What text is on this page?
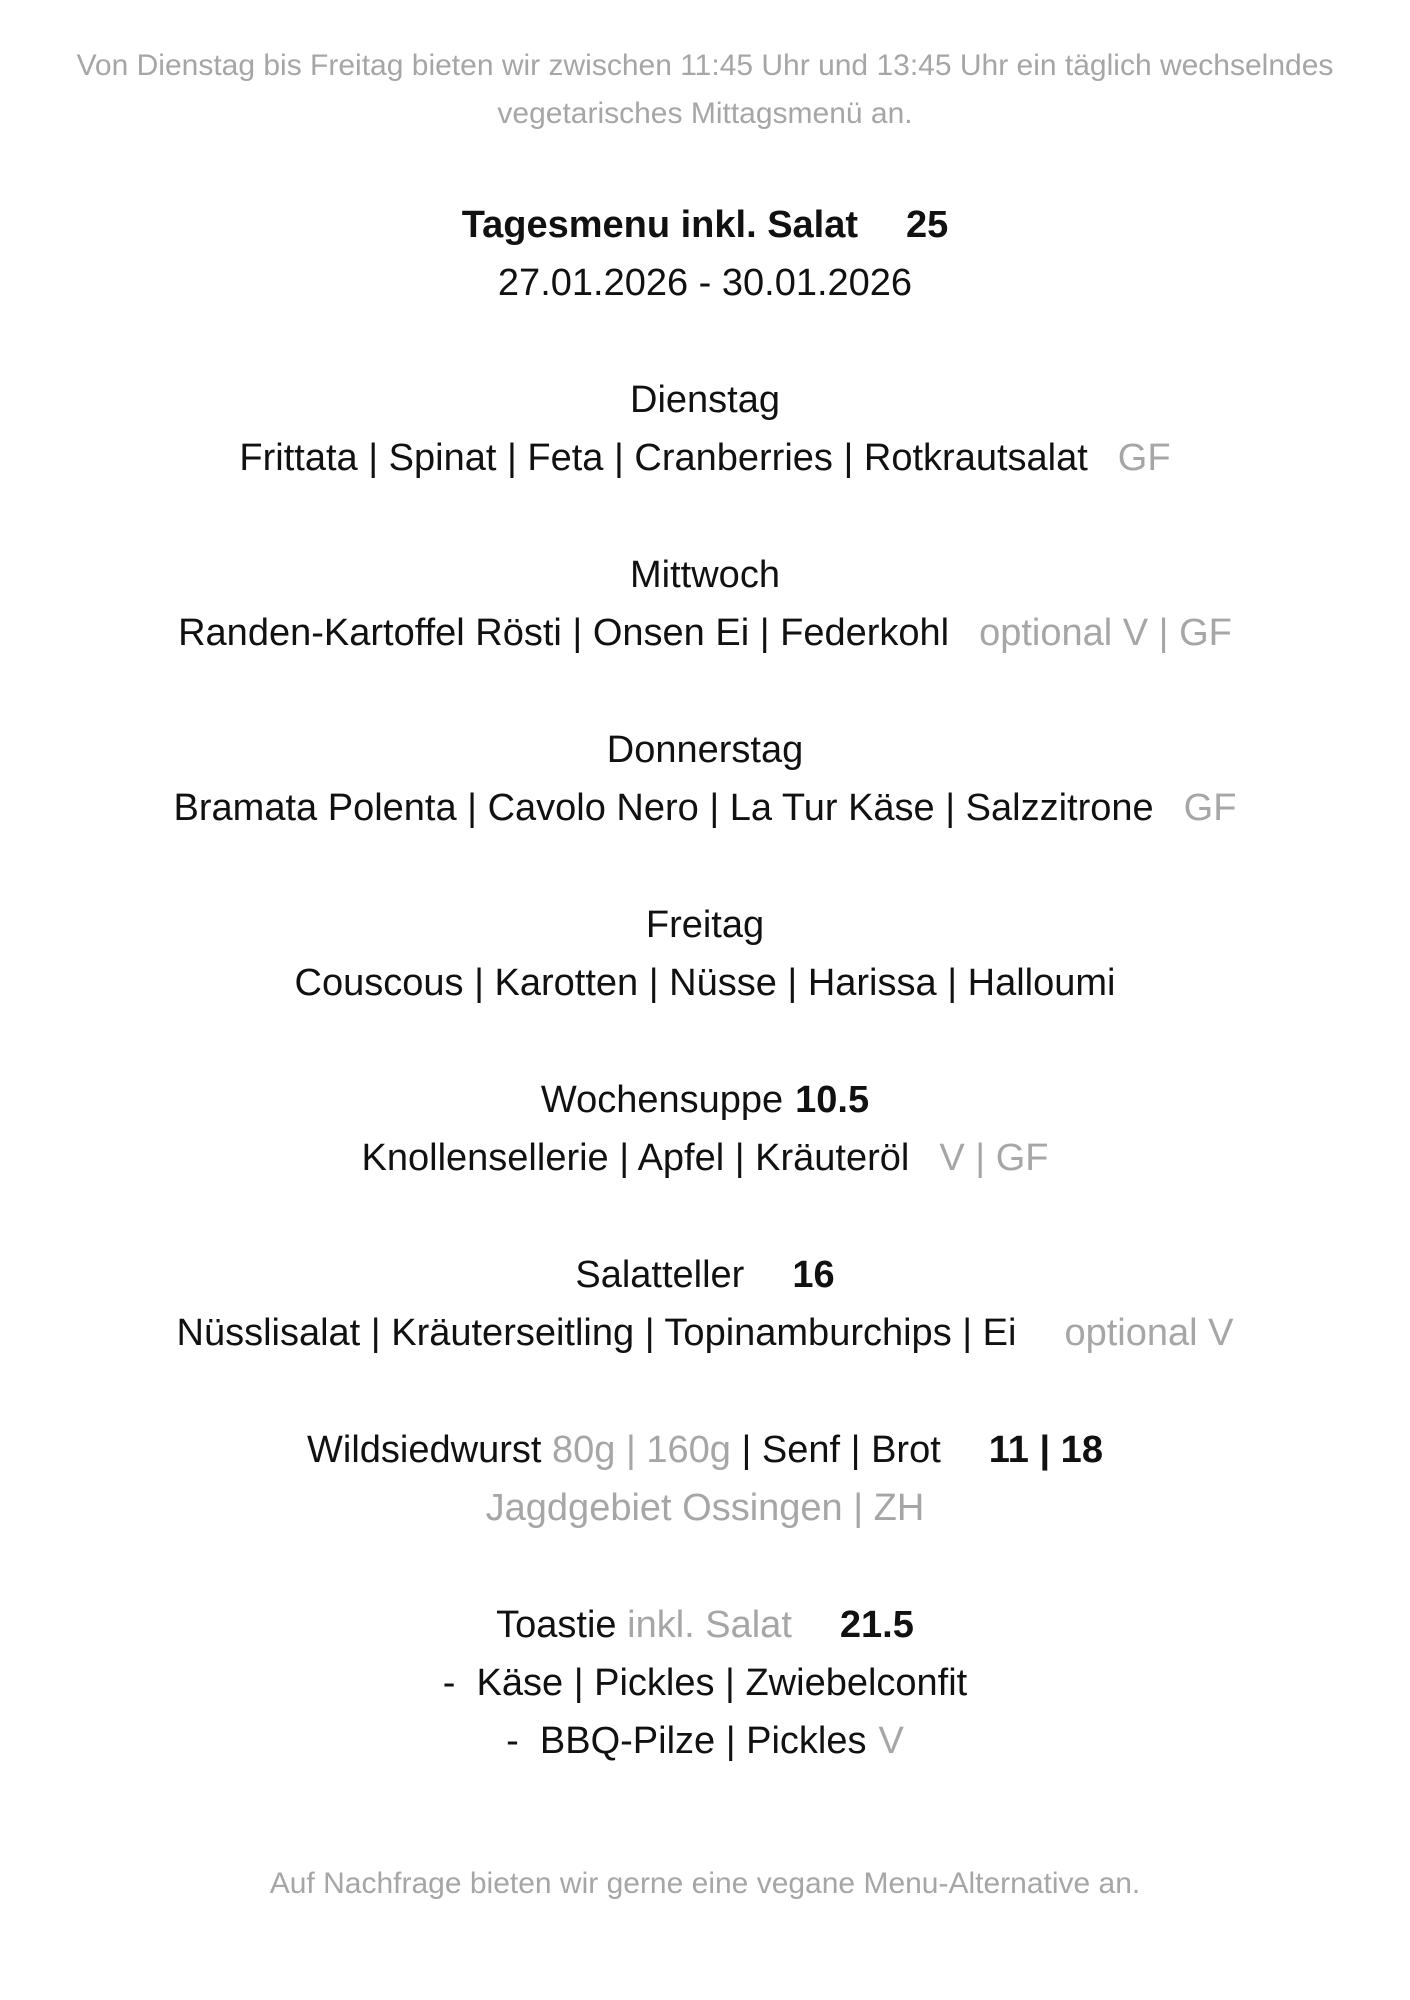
Von Dienstag bis Freitag bieten wir zwischen 11:45 Uhr und 13:45 Uhr ein täglich wechselndes
vegetarisches Mittagsmenü an.
Tagesmenu inkl. Salat 25
27.01.2026 - 30.01.2026
Dienstag
Frittata | Spinat | Feta | Cranberries | Rotkrautsalat GF
Mittwoch
Randen-Kartoffel Rösti | Onsen Ei | Federkohl optional V | GF
Donnerstag
Bramata Polenta | Cavolo Nero | La Tur Käse | Salzzitrone GF
Freitag
Couscous | Karotten | Nüsse | Harissa | Halloumi
Wochensuppe 10.5
Knollensellerie | Apfel | Kräuteröl V | GF
Salatteller 16
Nüsslisalat | Kräuterseitling | Topinamburchips | Ei optional V
Wildsiedwurst 80g | 160g | Senf | Brot 11 | 18
Jagdgebiet Ossingen | ZH
Toastie inkl. Salat 21.5
-  Käse | Pickles | Zwiebelconfit
-  BBQ-Pilze | Pickles V
Auf Nachfrage bieten wir gerne eine vegane Menu-Alternative an.
